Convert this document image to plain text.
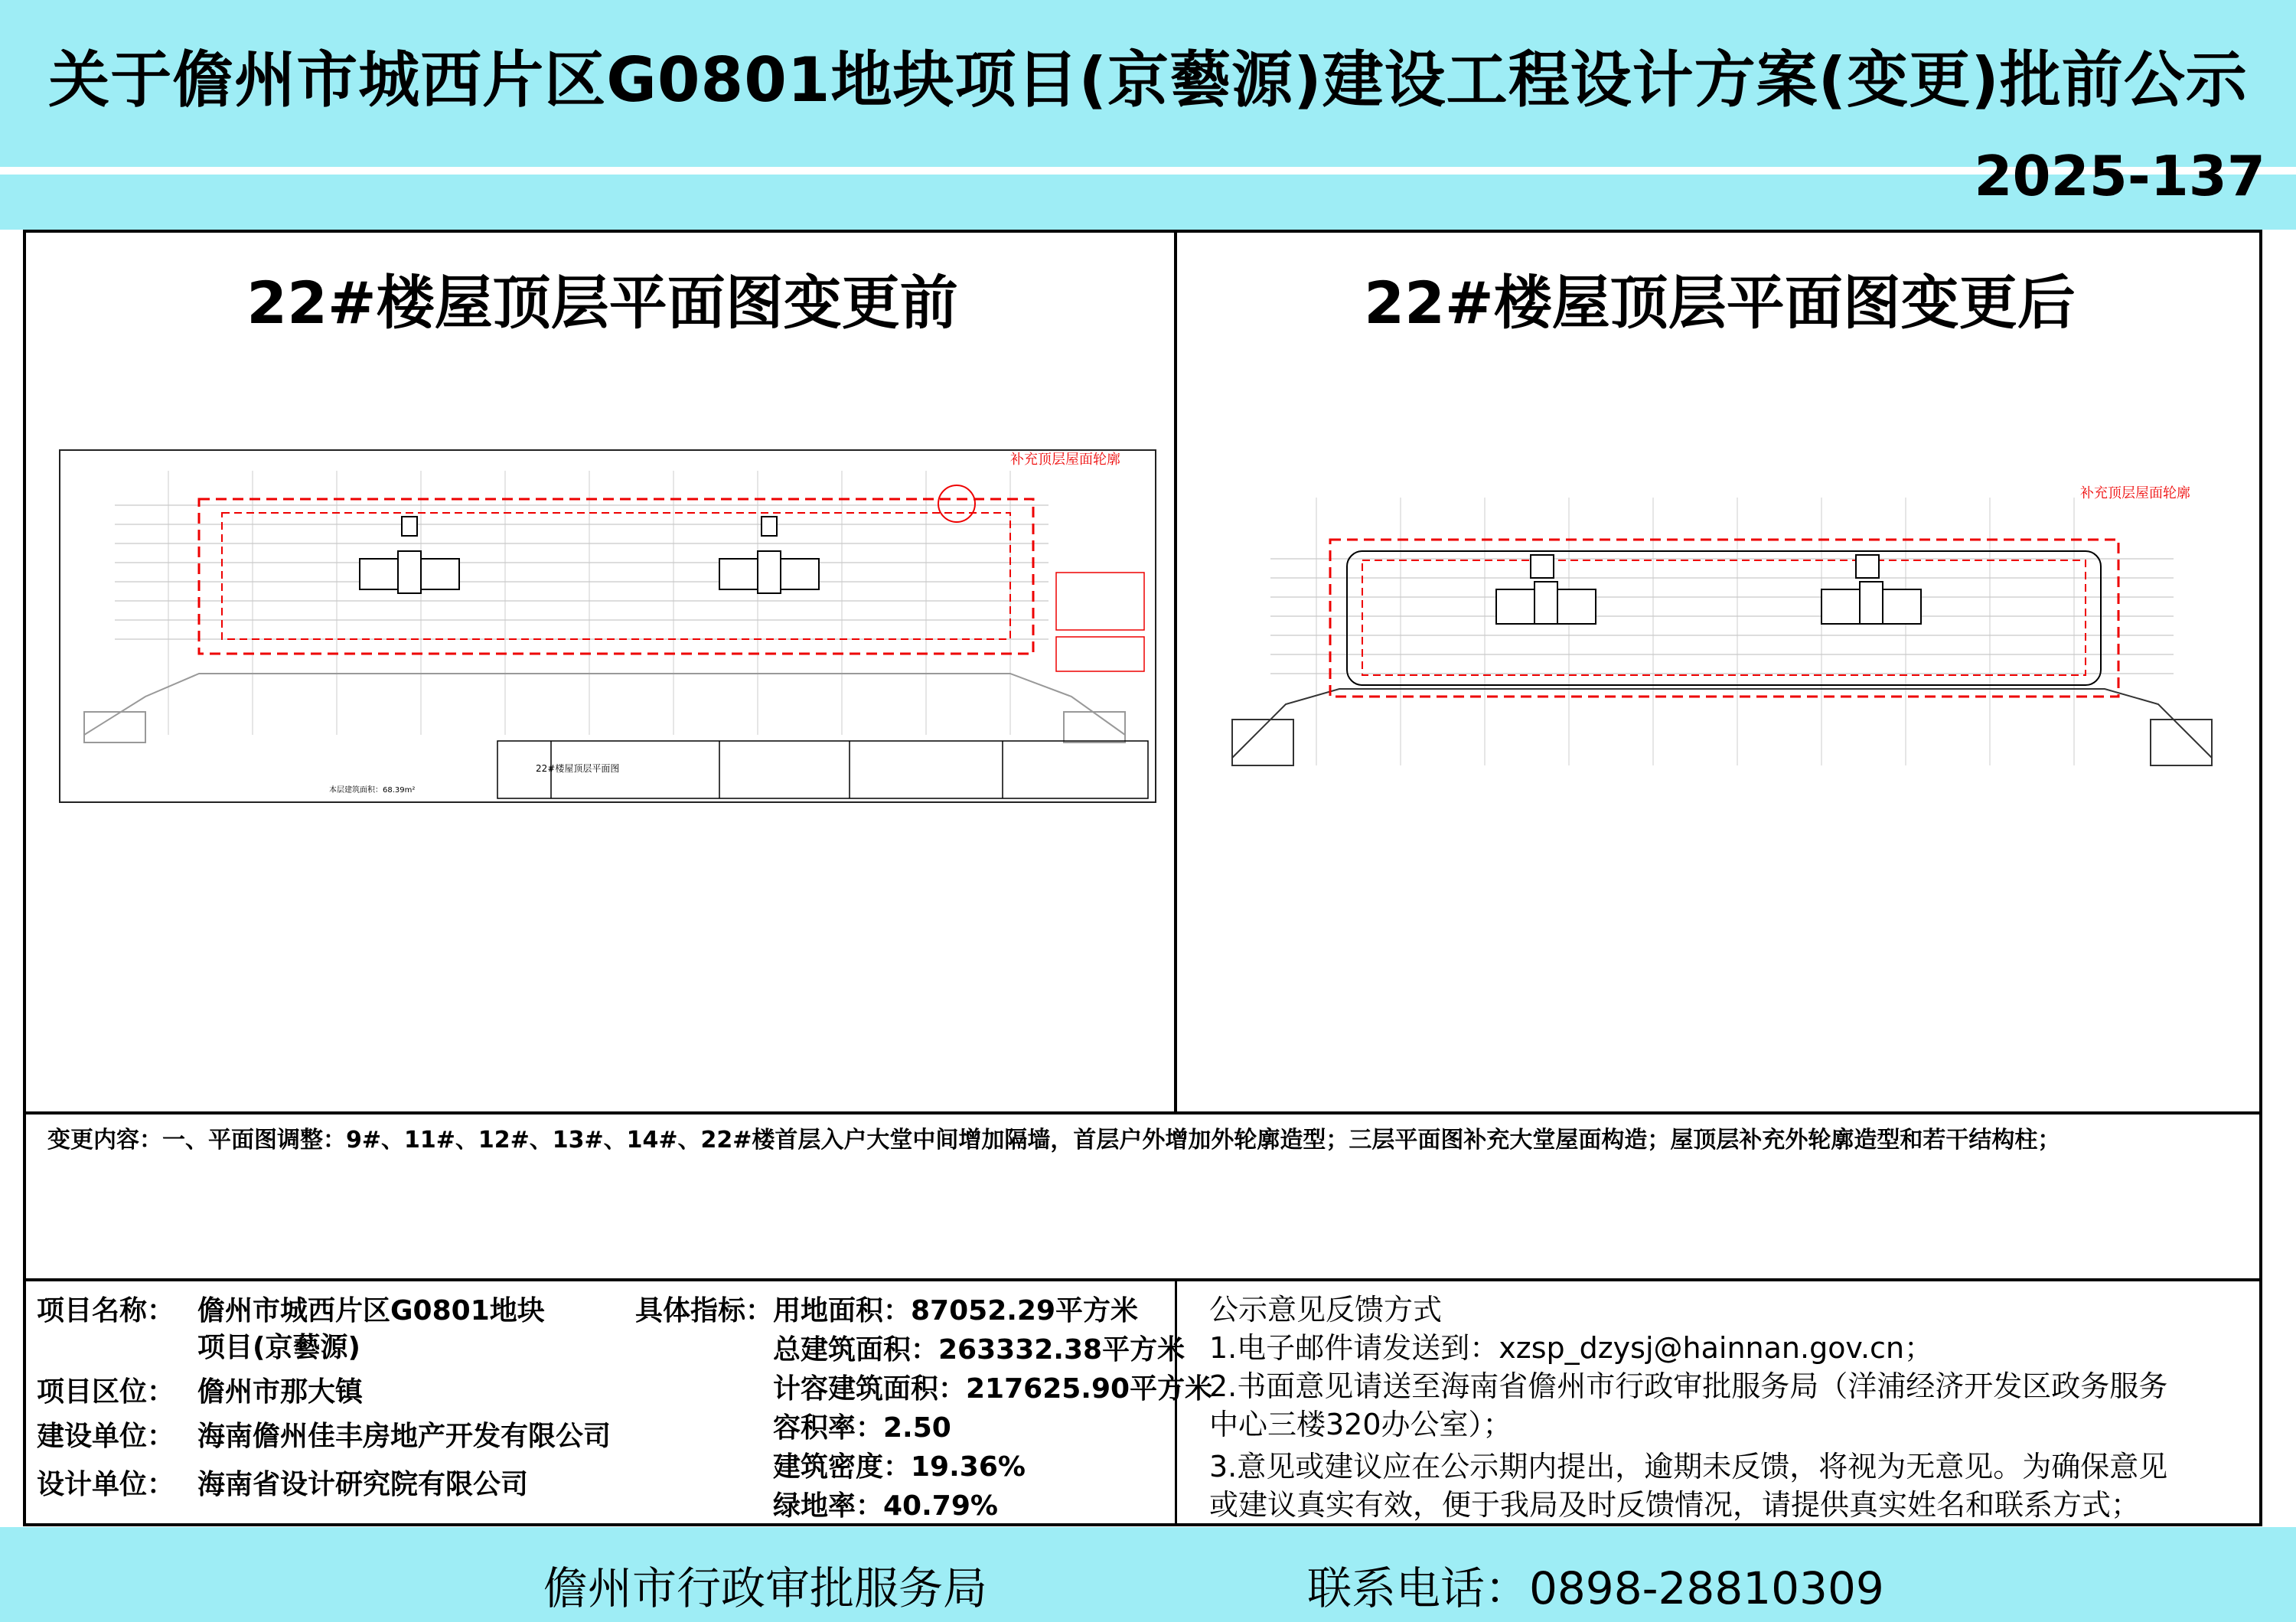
关于儋州市城西片区G0801地块项目(京藝源)建设工程设计方案(变更)批前公示
2025-137
22#楼屋顶层平面图变更前	22#楼屋顶层平面图变更后
补充顶层屋面轮廓
22#楼屋顶层平面图
本层建筑面积：68.39m²
补充顶层屋面轮廓
变更内容：一、平面图调整：9#、11#、12#、13#、14#、22#楼首层入户大堂中间增加隔墙，首层户外增加外轮廓造型；三层平面图补充大堂屋面构造；屋顶层补充外轮廓造型和若干结构柱；
项目名称： 儋州市城西片区G0801地块
项目(京藝源)
项目区位： 儋州市那大镇
建设单位： 海南儋州佳丰房地产开发有限公司
设计单位： 海南省设计研究院有限公司
具体指标： 用地面积：87052.29平方米
总建筑面积：263332.38平方米
计容建筑面积：217625.90平方米
容积率：2.50
建筑密度：19.36%
绿地率：40.79%
公示意见反馈方式
1.电子邮件请发送到：xzsp_dzysj@hainnan.gov.cn；
2.书面意见请送至海南省儋州市行政审批服务局（洋浦经济开发区政务服务
中心三楼320办公室）；
3.意见或建议应在公示期内提出，逾期未反馈，将视为无意见。为确保意见
或建议真实有效，便于我局及时反馈情况，请提供真实姓名和联系方式；
儋州市行政审批服务局	联系电话：0898-28810309
